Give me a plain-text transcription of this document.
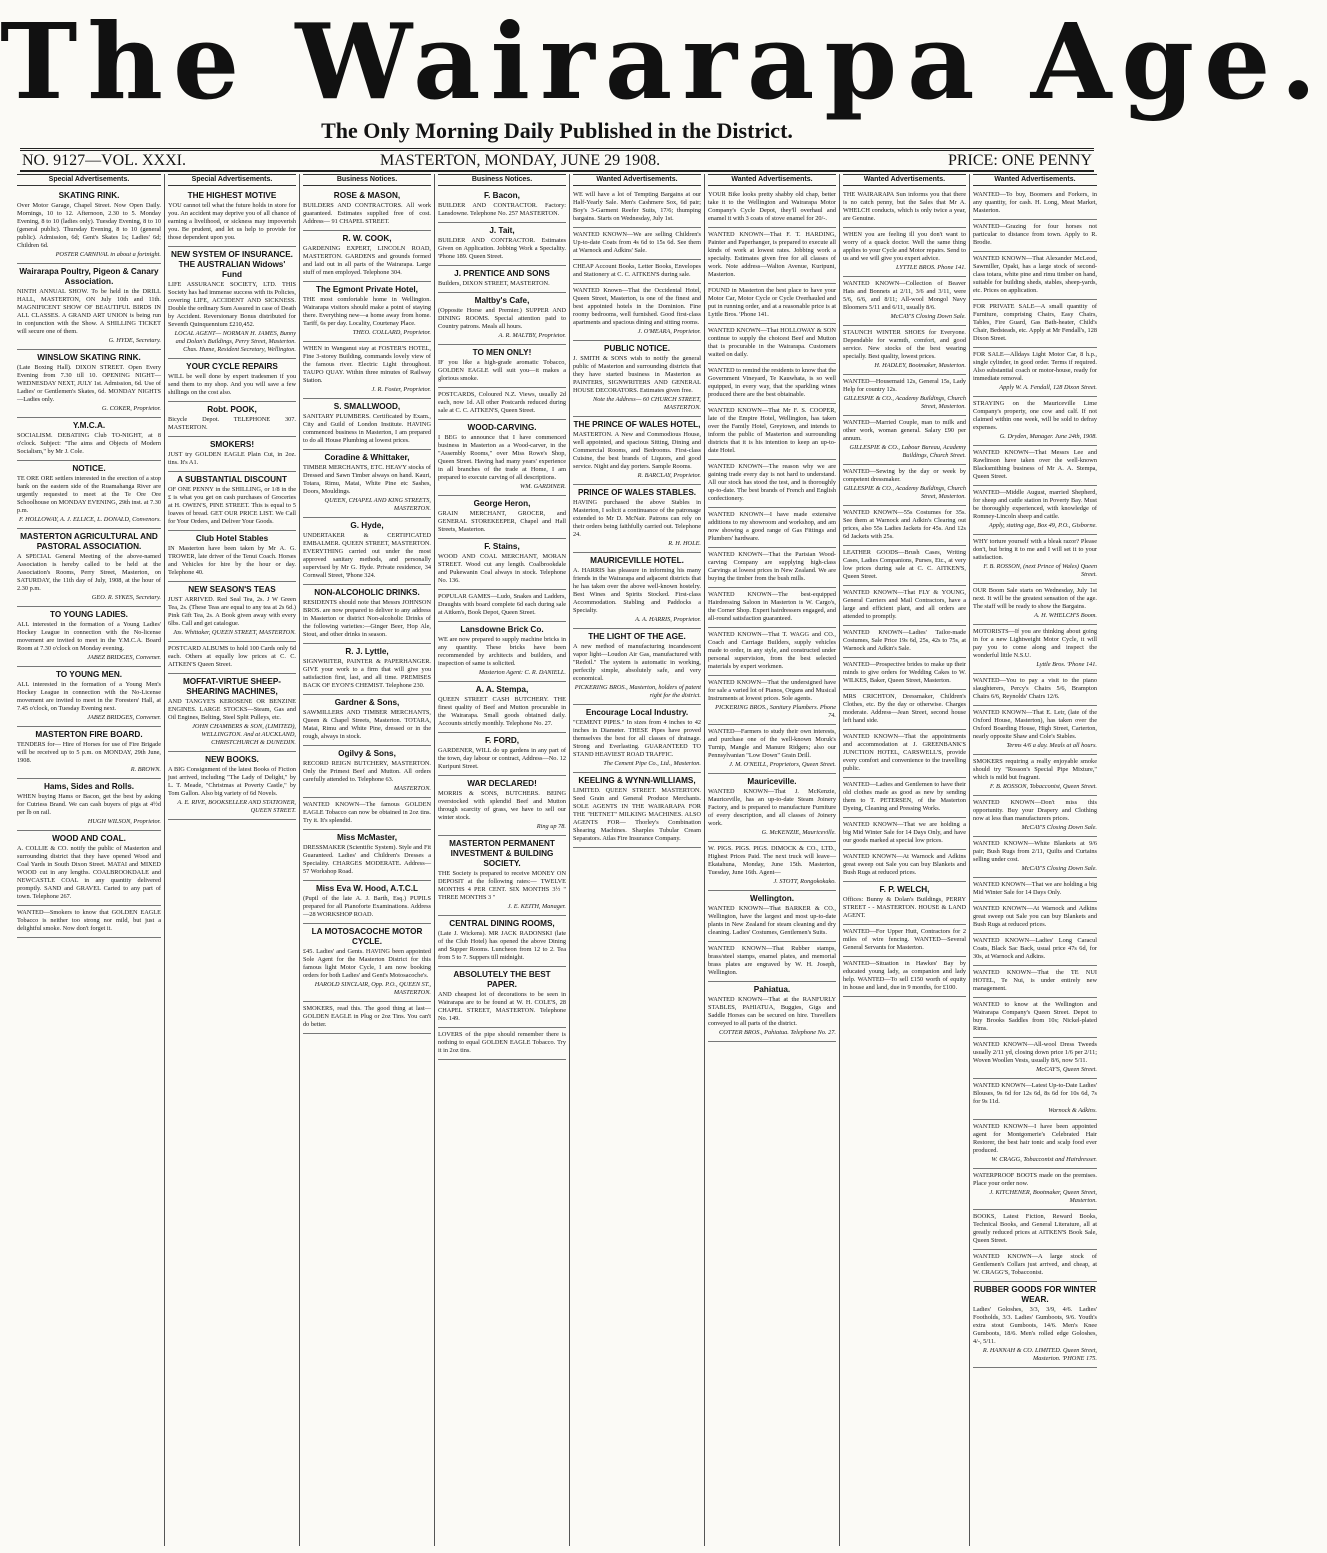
The Wairarapa Age.
The Only Morning Daily Published in the District.
NO. 9127—VOL. XXXI.	MASTERTON, MONDAY, JUNE 29 1908.	PRICE: ONE PENNY
Special Advertisements.
SKATING RINK.

Over Motor Garage, Chapel Street. Now Open Daily. Mornings, 10 to 12. Afternoon, 2.30 to 5. Monday Evening, 8 to 10 (ladies only). Tuesday Evening, 8 to 10 (general public). Thursday Evening, 8 to 10 (general public). Admission, 6d; Gent's Skates 1s; Ladies' 6d; Children 6d.

POSTER CARNIVAL in about a fortnight.

Wairarapa Poultry, Pigeon & Canary Association.

NINTH ANNUAL SHOW. To be held in the DRILL HALL, MASTERTON, ON July 10th and 11th. MAGNIFICENT SHOW OF BEAUTIFUL BIRDS IN ALL CLASSES. A GRAND ART UNION is being run in conjunction with the Show. A SHILLING TICKET will secure one of them.

G. HYDE, Secretary.

WINSLOW SKATING RINK.

(Late Boxing Hall). DIXON STREET. Open Every Evening from 7.30 till 10. OPENING NIGHT— WEDNESDAY NEXT, JULY 1st. Admission, 6d. Use of Ladies' or Gentlemen's Skates, 6d. MONDAY NIGHTS—Ladies only.

G. COKER, Proprietor.

Y.M.C.A.

SOCIALISM. DEBATING Club TO-NIGHT, at 8 o'clock. Subject: "The aims and Objects of Modern Socialism," by Mr J. Cole.

NOTICE.

TE ORE ORE settlers interested in the erection of a stop bank on the eastern side of the Ruamahanga River are urgently requested to meet at the Te Ore Ore Schoolhouse on MONDAY EVENING, 29th inst. at 7.30 p.m.

F. HOLLOWAY, A. J. ELLICE, L. DONALD, Convenors.

MASTERTON AGRICULTURAL AND PASTORAL ASSOCIATION.

A SPECIAL General Meeting of the above-named Association is hereby called to be held at the Association's Rooms, Perry Street, Masterton, on SATURDAY, the 11th day of July, 1908, at the hour of 2.30 p.m.

GEO. R. SYKES, Secretary.

TO YOUNG LADIES.

ALL interested in the formation of a Young Ladies' Hockey League in connection with the No-license movement are invited to meet in the Y.M.C.A. Board Room at 7.30 o'clock on Monday evening.

JABEZ BRIDGES, Convener.

TO YOUNG MEN.

ALL interested in the formation of a Young Men's Hockey League in connection with the No-License movement are invited to meet in the Foresters' Hall, at 7.45 o'clock, on Tuesday Evening next.

JABEZ BRIDGES, Convener.

MASTERTON FIRE BOARD.

TENDERS for— Hire of Horses for use of Fire Brigade will be received up to 5 p.m. on MONDAY, 29th June, 1908.

R. BROWN.

Hams, Sides and Rolls.

WHEN buying Hams or Bacon, get the best by asking for Cutriess Brand. We can cash buyers of pigs at 4½d per lb on rail.

HUGH WILSON, Proprietor.

WOOD AND COAL.

A. COLLIE & CO. notify the public of Masterton and surrounding district that they have opened Wood and Coal Yards in South Dixon Street. MATAI and MIXED WOOD cut in any lengths. COALBROOKDALE and NEWCASTLE COAL in any quantity delivered promptly. SAND and GRAVEL Carted to any part of town. Telephone 267.

WANTED—Smokers to know that GOLDEN EAGLE Tobacco is neither too strong nor mild, but just a delightful smoke. Now don't forget it.

Special Advertisements.
THE HIGHEST MOTIVE

YOU cannot tell what the future holds in store for you. An accident may deprive you of all chance of earning a livelihood, or sickness may impoverish you. Be prudent, and let us help to provide for those dependent upon you.

NEW SYSTEM OF INSURANCE. THE AUSTRALIAN Widows' Fund

LIFE ASSURANCE SOCIETY, LTD. THIS Society has had immense success with its Policies, covering LIFE, ACCIDENT AND SICKNESS. Double the ordinary Sum Assured in case of Death by Accident. Reversionary Bonus distributed for Seventh Quinquennium £210,452.

LOCAL AGENT— NORMAN H. JAMES, Bunny and Dolan's Buildings, Perry Street, Masterton. Chas. Hume, Resident Secretary, Wellington.

YOUR CYCLE REPAIRS

WILL be well done by expert tradesmen if you send them to my shop. And you will save a few shillings on the cost also.

Robt. POOK,

Bicycle Depot. TELEPHONE 307. MASTERTON.

SMOKERS!

JUST try GOLDEN EAGLE Plain Cut, in 2oz. tins. It's A1.

A SUBSTANTIAL DISCOUNT

OF ONE PENNY in the SHILLING, or 1/8 in the £ is what you get on cash purchases of Groceries at H. OWEN'S, PINE STREET. This is equal to 5 loaves of bread. GET OUR PRICE LIST. We Call for Your Orders, and Deliver Your Goods.

Club Hotel Stables

IN Masterton have been taken by Mr A. G. TROWER, late driver of the Tenui Coach. Horses and Vehicles for hire by the hour or day. Telephone 40.

NEW SEASON'S TEAS

JUST ARRIVED. Red Seal Tea, 2s. J W Green Tea, 2s. (These Teas are equal to any tea at 2s 6d.) Pink Gift Tea, 2s. A Book given away with every 6lbs. Call and get catalogue.

Jas. Whittaker, QUEEN STREET, MASTERTON.

POSTCARD ALBUMS to hold 100 Cards only 6d each. Others at equally low prices at C. C. AITKEN'S Queen Street.

MOFFAT-VIRTUE SHEEP-SHEARING MACHINES,

AND TANGYE'S KEROSENE OR BENZINE ENGINES. LARGE STOCKS—Steam, Gas and Oil Engines, Belting, Steel Split Pulleys, etc.

JOHN CHAMBERS & SON, (LIMITED), WELLINGTON. And at AUCKLAND, CHRISTCHURCH & DUNEDIN.

NEW BOOKS.

A BIG Consignment of the latest Books of Fiction just arrived, including "The Lady of Delight," by L. T. Meade, "Christmas at Poverty Castle," by Tom Gallon. Also big variety of 6d Novels.

A. E. RIVE, BOOKSELLER AND STATIONER, QUEEN STREET.

Business Notices.
ROSE & MASON,

BUILDERS AND CONTRACTORS. All work guaranteed. Estimates supplied free of cost. Address— 91 CHAPEL STREET.

R. W. COOK,

GARDENING EXPERT, LINCOLN ROAD, MASTERTON. GARDENS and grounds formed and laid out in all parts of the Wairarapa. Large stuff of men employed. Telephone 304.

The Egmont Private Hotel,

THE most comfortable home in Wellington. Wairarapa visitors should make a point of staying there. Everything new—a home away from home. Tariff, 6s per day. Locality, Courtenay Place.

THEO. COLLARD, Proprietor.

WHEN in Wanganui stay at FOSTER'S HOTEL, Fine 3-storey Building, commands lovely view of the famous river. Electric Light throughout. TAUPO QUAY. Within three minutes of Railway Station.

J. R. Foster, Proprietor.

S. SMALLWOOD,

SANITARY PLUMBERS. Certificated by Exam., City and Guild of London Institute. HAVING commenced business in Masterton, I am prepared to do all House Plumbing at lowest prices.

Coradine & Whittaker,

TIMBER MERCHANTS, ETC. HEAVY stocks of Dressed and Sawn Timber always on hand. Kauri, Totara, Rimu, Matai, White Pine etc Sashes, Doors, Mouldings.

QUEEN, CHAPEL AND KING STREETS, MASTERTON.

G. Hyde,

UNDERTAKER & CERTIFICATED EMBALMER. QUEEN STREET, MASTERTON. EVERYTHING carried out under the most approved sanitary methods, and personally supervised by Mr G. Hyde. Private residence, 34 Cornwall Street, 'Phone 324.

NON-ALCOHOLIC DRINKS.

RESIDENTS should note that Messrs JOHNSON BROS. are now prepared to deliver to any address in Masterton or district Non-alcoholic Drinks of the following varieties:—Ginger Beer, Hop Ale, Stout, and other drinks in season.

R. J. Lyttle,

SIGNWRITER, PAINTER & PAPERHANGER. GIVE your work to a firm that will give you satisfaction first, last, and all time. PREMISES BACK OF EYON'S CHEMIST. Telephone 230.

Gardner & Sons,

SAWMILLERS AND TIMBER MERCHANTS, Queen & Chapel Streets, Masterton. TOTARA, Matai, Rimu and White Pine, dressed or in the rough, always in stock.

Ogilvy & Sons,

RECORD REIGN BUTCHERY, MASTERTON. Only the Primest Beef and Mutton. All orders carefully attended to. Telephone 63.

MASTERTON.

WANTED KNOWN—The famous GOLDEN EAGLE Tobacco can now be obtained in 2oz tins. Try it. It's splendid.

Miss McMaster,

DRESSMAKER (Scientific System). Style and Fit Guaranteed. Ladies' and Children's Dresses a Speciality. CHARGES MODERATE. Address—57 Workshop Road.

Miss Eva W. Hood, A.T.C.L

(Pupil of the late A. J. Barth, Esq.) PUPILS prepared for all Pianoforte Examinations. Address—28 WORKSHOP ROAD.

LA MOTOSACOCHE MOTOR CYCLE.

£45. Ladies' and Gents. HAVING been appointed Sole Agent for the Masterton District for this famous light Motor Cycle, I am now booking orders for both Ladies' and Gent's Motosacoche's.

HAROLD SINCLAIR, Opp. P.O., QUEEN ST., MASTERTON.

SMOKERS, read this. The good thing at last—GOLDEN EAGLE in Plug or 2oz Tins. You can't do better.

Business Notices.
F. Bacon,

BUILDER AND CONTRACTOR. Factory: Lansdowne. Telephone No. 257 MASTERTON.

J. Tait,

BUILDER AND CONTRACTOR. Estimates Given on Application. Jobbing Work a Speciality. 'Phone 189. Queen Street.

J. PRENTICE AND SONS

Builders, DIXON STREET, MASTERTON.

Maltby's Cafe,

(Opposite Horse and Premier.) SUPPER AND DINING ROOMS. Special attention paid to Country patrons. Meals all hours.

A. R. MALTBY, Proprietor.

TO MEN ONLY!

IF you like a high-grade aromatic Tobacco, GOLDEN EAGLE will suit you—it makes a glorious smoke.

POSTCARDS, Coloured N.Z. Views, usually 2d each, now 1d. All other Postcards reduced during sale at C. C. AITKEN'S, Queen Street.

WOOD-CARVING.

I BEG to announce that I have commenced business in Masterton as a Wood-carver, in the "Assembly Rooms," over Miss Rowe's Shop, Queen Street. Having had many years' experience in all branches of the trade at Home, I am prepared to execute carving of all descriptions.

WM. GARDINER.

George Heron,

GRAIN MERCHANT, GROCER, and GENERAL STOREKEEPER, Chapel and Hall Streets, Masterton.

F. Stains,

WOOD AND COAL MERCHANT, MORAN STREET. Wood cut any length. Coalbrookdale and Pukewanin Coal always in stock. Telephone No. 136.

POPULAR GAMES—Ludo, Snakes and Ladders, Draughts with board complete 6d each during sale at Aitken's, Book Depot, Queen Street.

Lansdowne Brick Co.

WE are now prepared to supply machine bricks in any quantity. These bricks have been recommended by architects and builders, and inspection of same is solicited.

Masterton Agent: C. R. DANIELL.

A. A. Stempa,

QUEEN STREET CASH BUTCHERY. THE finest quality of Beef and Mutton procurable in the Wairarapa. Small goods obtained daily. Accounts strictly monthly. Telephone No. 27.

F. FORD,

GARDENER, WILL do up gardens in any part of the town, day labour or contract, Address—No. 12 Kuripuni Street.

WAR DECLARED!

MORRIS & SONS, BUTCHERS. BEING overstocked with splendid Beef and Mutton through scarcity of grass, we have to sell our winter stock.

Ring up 78.

MASTERTON PERMANENT INVESTMENT & BUILDING SOCIETY.

THE Society is prepared to receive MONEY ON DEPOSIT at the following rates:— TWELVE MONTHS 4 PER CENT. SIX MONTHS 3½ " THREE MONTHS 3 "

J. E. KEITH, Manager.

CENTRAL DINING ROOMS,

(Late J. Wickens). MR JACK RADONSKI (late of the Club Hotel) has opened the above Dining and Supper Rooms. Luncheon from 12 to 2. Tea from 5 to 7. Suppers till midnight.

ABSOLUTELY THE BEST PAPER.

AND cheapest lot of decorations to be seen in Wairarapa are to be found at W. H. COLE'S, 28 CHAPEL STREET, MASTERTON. Telephone No. 149.

LOVERS of the pipe should remember there is nothing to equal GOLDEN EAGLE Tobacco. Try it in 2oz tins.

Wanted Advertisements.

WE will have a lot of Tempting Bargains at our Half-Yearly Sale. Men's Cashmere Sox, 6d pair; Boy's 3-Garment Reefer Suits, 17/6; thumping bargains. Starts on Wednesday, July 1st.

WANTED KNOWN—We are selling Children's Up-to-date Coats from 4s 6d to 15s 6d. See them at Warnock and Adkins' Sale.

CHEAP Account Books, Letter Books, Envelopes and Stationery at C. C. AITKEN'S during sale.

WANTED Known—That the Occidental Hotel, Queen Street, Masterton, is one of the finest and best appointed hotels in the Dominion. Fine roomy bedrooms, well furnished. Good first-class apartments and spacious dining and sitting rooms.

J. O'MEARA, Proprietor.

PUBLIC NOTICE.

J. SMITH & SONS wish to notify the general public of Masterton and surrounding districts that they have started business in Masterton as PAINTERS, SIGNWRITERS AND GENERAL HOUSE DECORATORS. Estimates given free.

Note the Address— 60 CHURCH STREET, MASTERTON.

THE PRINCE OF WALES HOTEL,

MASTERTON. A New and Commodious House, well appointed, and spacious Sitting, Dining and Commercial Rooms, and Bedrooms. First-class Cuisine, the best brands of Liquors, and good service. Night and day porters. Sample Rooms.

R. BARCLAY, Proprietor.

PRINCE OF WALES STABLES.

HAVING purchased the above Stables in Masterton, I solicit a continuance of the patronage extended to Mr D. McNair. Patrons can rely on their orders being faithfully carried out. Telephone 24.

R. H. HOLE.

MAURICEVILLE HOTEL.

A. HARRIS has pleasure in informing his many friends in the Wairarapa and adjacent districts that he has taken over the above well-known hostelry. Best Wines and Spirits Stocked. First-class Accommodation. Stabling and Paddocks a Specialty.

A. A. HARRIS, Proprietor.

THE LIGHT OF THE AGE.

A new method of manufacturing incandescent vapor light—Loudon Air Gas, manufactured with "Redoil." The system is automatic in working, perfectly simple, absolutely safe, and very economical.

PICKERING BROS., Masterton, holders of patent right for the district.

Encourage Local Industry.

"CEMENT PIPES." In sizes from 4 inches to 42 inches in Diameter. THESE Pipes have proved themselves the best for all classes of drainage. Strong and Everlasting. GUARANTEED TO STAND HEAVIEST ROAD TRAFFIC.

The Cement Pipe Co., Ltd., Masterton.

KEELING & WYNN-WILLIAMS,

LIMITED. QUEEN STREET. MASTERTON. Seed Grain and General Produce Merchants. SOLE AGENTS IN THE WAIRARAPA FOR THE "HETNET" MILKING MACHINES. ALSO AGENTS FOR— Thorley's Combination Shearing Machines. Sharples Tubular Cream Separators. Atlas Fire Insurance Company.

Wanted Advertisements.

YOUR Bike looks pretty shabby old chap, better take it to the Wellington and Wairarapa Motor Company's Cycle Depot, they'll overhaul and enamel it with 3 coats of stove enamel for 20/-.

WANTED KNOWN—That F. T. HARDING, Painter and Paperhanger, is prepared to execute all kinds of work at lowest rates. Jobbing work a specialty. Estimates given free for all classes of work. Note address—Walton Avenue, Kuripuni, Masterton.

FOUND in Masterton the best place to have your Motor Car, Motor Cycle or Cycle Overhauled and put in running order, and at a reasonable price is at Lyttle Bros. 'Phone 141.

WANTED KNOWN—That HOLLOWAY & SON continue to supply the choicest Beef and Mutton that is procurable in the Wairarapa. Customers waited on daily.

WANTED to remind the residents to know that the Government Vineyard, Te Kauwhata, is so well equipped, in every way, that the sparkling wines produced there are the best obtainable.

WANTED KNOWN—That Mr F. S. COOPER, late of the Empire Hotel, Wellington, has taken over the Family Hotel, Greytown, and intends to inform the public of Masterton and surrounding districts that it is his intention to keep an up-to-date Hotel.

WANTED KNOWN—The reason why we are gaining trade every day is not hard to understand. All our stock has stood the test, and is thoroughly up-to-date. The best brands of French and English confectionery.

WANTED KNOWN—I have made extensive additions to my showroom and workshop, and am now showing a good range of Gas Fittings and Plumbers' hardware.

WANTED KNOWN—That the Parisian Wood-carving Company are supplying high-class Carvings at lowest prices in New Zealand. We are buying the timber from the bush mills.

WANTED KNOWN—The best-equipped Hairdressing Saloon in Masterton is W. Cargo's, the Corner Shop. Expert hairdressers engaged, and all-round satisfaction guaranteed.

WANTED KNOWN—That T. WAGG and CO., Coach and Carriage Builders, supply vehicles made to order, in any style, and constructed under personal supervision, from the best selected materials by expert workmen.

WANTED KNOWN—That the undersigned have for sale a varied lot of Pianos, Organs and Musical Instruments at lowest prices. Sole agents.

PICKERING BROS., Sanitary Plumbers. Phone 74.

WANTED—Farmers to study their own interests, and purchase one of the well-known Moruk's Turnip, Mangle and Manure Ridgers; also our Pennsylvanian "Low Down" Grain Drill.

J. M. O'NEILL, Proprietors, Queen Street.

Mauriceville.

WANTED KNOWN—That J. McKenzie, Mauriceville, has an up-to-date Steam Joinery Factory, and is prepared to manufacture Furniture of every description, and all classes of Joinery work.

G. McKENZIE, Mauriceville.

W. PIGS. PIGS. PIGS. DIMOCK & CO., LTD., Highest Prices Paid. The next truck will leave— Ekatahuna, Monday, June 15th. Masterton, Tuesday, June 16th. Agent—

J. STOTT, Rongokokako.

Wellington.

WANTED KNOWN—That BARKER & CO., Wellington, have the largest and most up-to-date plants in New Zealand for steam cleaning and dry cleaning. Ladies' Costumes, Gentlemen's Suits.

WANTED KNOWN—That Rubber stamps, brass/steel stamps, enamel plates, and memorial brass plates are engraved by W. H. Joseph, Wellington.

Pahiatua.

WANTED KNOWN—That at the RANFURLY STABLES, PAHIATUA, Buggies, Gigs and Saddle Horses can be secured on hire. Travellers conveyed to all parts of the district.

COTTER BROS., Pahiatua. Telephone No. 27.

Wanted Advertisements.

THE WAIRARAPA Sun informs you that there is no catch penny, but the Sales that Mr A. WHELCH conducts, which is only twice a year, are Genuine.

WHEN you are feeling ill you don't want to worry of a quack doctor. Well the same thing applies to your Cycle and Motor repairs. Send to us and we will give you expert advice.

LYTTLE BROS. Phone 141.

WANTED KNOWN—Collection of Beaver Hats and Bonnets at 2/11, 3/6 and 3/11, were 5/6, 6/6, and 8/11; All-wool Mongol Navy Bloomers 5/11 and 6/11, usually 8/6.

McCAY'S Closing Down Sale.

STAUNCH WINTER SHOES for Everyone. Dependable for warmth, comfort, and good service. New stocks of the best wearing specially. Best quality, lowest prices.

H. HADLEY, Bootmaker, Masterton.

WANTED—Housemaid 12s, General 15s, Lady Help for country 12s.

GILLESPIE & CO., Academy Buildings, Church Street, Masterton.

WANTED—Married Couple, man to milk and other work, woman general. Salary £90 per annum.

GILLESPIE & CO., Labour Bureau, Academy Buildings, Church Street.

WANTED—Sewing by the day or week by competent dressmaker.

GILLESPIE & CO., Academy Buildings, Church Street, Masterton.

WANTED KNOWN—55s Costumes for 35s. See them at Warnock and Adkin's Clearing out prices, also 55s Ladies Jackets for 45s. And 12s 6d Jackets with 25s.

LEATHER GOODS—Brush Cases, Writing Cases, Ladies Companions, Purses, Etc., at very low prices during sale at C. C. AITKEN'S, Queen Street.

WANTED KNOWN—That FLY & YOUNG, General Carriers and Mail Contractors, have a large and efficient plant, and all orders are attended to promptly.

WANTED KNOWN—Ladies' Tailor-made Costumes, Sale Price 19s 6d, 25s, 42s to 75s, at Warnock and Adkin's Sale.

WANTED—Prospective brides to make up their minds to give orders for Wedding Cakes to W. WILKES, Baker, Queen Street, Masterton.

MRS CRICHTON, Dressmaker, Children's Clothes, etc. By the day or otherwise. Charges moderate. Address—Jean Street, second house left hand side.

WANTED KNOWN—That the appointments and accommodation at J. GREENBANK'S JUNCTION HOTEL, CARSWELL'S, provide every comfort and convenience to the travelling public.

WANTED—Ladies and Gentlemen to have their old clothes made as good as new by sending them to T. PETERSEN, of the Masterton Dyeing, Cleaning and Pressing Works.

WANTED KNOWN—That we are holding a big Mid Winter Sale for 14 Days Only, and have our goods marked at special low prices.

WANTED KNOWN—At Warnock and Adkins great sweep out Sale you can buy Blankets and Bush Rugs at reduced prices.

F. P. WELCH,

Offices: Bunny & Dolan's Buildings, PERRY STREET - - MASTERTON. HOUSE & LAND AGENT.

WANTED—For Upper Hutt, Contractors for 2 miles of wire fencing. WANTED—Several General Servants for Masterton.

WANTED—Situation in Hawkes' Bay by educated young lady, as companion and lady help. WANTED—To sell £150 worth of equity in house and land, due in 9 months, for £100.

Wanted Advertisements.

WANTED—To buy, Boomers and Forkers, in any quantity, for cash. H. Long, Meat Market, Masterton.

WANTED—Grazing for four horses not particular to distance from town. Apply to R. Brodie.

WANTED KNOWN—That Alexander McLeod, Sawmiller, Opaki, has a large stock of second-class totara, white pine and rimu timber on hand, suitable for building sheds, stables, sheep-yards, etc. Prices on application.

FOR PRIVATE SALE—A small quantity of Furniture, comprising Chairs, Easy Chairs, Tables, Fire Guard, Gas Bath-heater, Child's Chair, Bedsteads, etc. Apply at Mr Fendall's, 128 Dixon Street.

FOR SALE—Alldays Light Motor Car, 8 h.p., single cylinder, in good order. Terms if required. Also substantial coach or motor-house, ready for immediate removal.

Apply W. A. Fendall, 128 Dixon Street.

STRAYING on the Mauriceville Lime Company's property, one cow and calf. If not claimed within one week, will be sold to defray expenses.

G. Dryden, Manager. June 24th, 1908.

WANTED KNOWN—That Messrs Lee and Rawlinson have taken over the well-known Blacksmithing business of Mr A. A. Stempa, Queen Street.

WANTED—Middle August, married Shepherd, for sheep and cattle station in Poverty Bay. Must be thoroughly experienced, with knowledge of Romney-Lincoln sheep and cattle.

Apply, stating age, Box 49, P.O., Gisborne.

WHY torture yourself with a bleak razor? Please don't, but bring it to me and I will set it to your satisfaction.

F. B. ROSSON, (next Prince of Wales) Queen Street.

OUR Boom Sale starts on Wednesday, July 1st next. It will be the greatest sensation of the age. The staff will be ready to show the Bargains.

A. H. WHELCH'S Boom.

MOTORISTS—If you are thinking about going in for a new Lightweight Motor Cycle, it will pay you to come along and inspect the wonderful little N.S.U.

Lyttle Bros. 'Phone 141.

WANTED—You to pay a visit to the piano slaughterers, Percy's Chairs 5/6, Brampton Chairs 6/6, Reynolds' Chairs 12/6.

WANTED KNOWN—That E. Leir, (late of the Oxford House, Masterton), has taken over the Oxford Boarding House, High Street, Carterton, nearly opposite Shaw and Cole's Stables.

Terms 4/6 a day. Meals at all hours.

SMOKERS requiring a really enjoyable smoke should try "Rosson's Special Pipe Mixture," which is mild but fragrant.

F. B. ROSSON, Tobacconist, Queen Street.

WANTED KNOWN—Don't miss this opportunity. Buy your Drapery and Clothing now at less than manufacturers prices.

McCAY'S Closing Down Sale.

WANTED KNOWN—White Blankets at 9/6 pair; Bush Rugs from 2/11, Quilts and Curtains selling under cost.

McCAY'S Closing Down Sale.

WANTED KNOWN—That we are holding a big Mid Winter Sale for 14 Days Only.

WANTED KNOWN—At Warnock and Adkins great sweep out Sale you can buy Blankets and Bush Rugs at reduced prices.

WANTED KNOWN—Ladies' Long Caracul Coats, Black Sac Back, usual price 47s 6d, for 30s, at Warnock and Adkins.

WANTED KNOWN—That the TE NUI HOTEL, Te Nui, is under entirely new management.

WANTED to know at the Wellington and Wairarapa Company's Queen Street. Depot to buy Brooks Saddles from 10s; Nickel-plated Rims.

WANTED KNOWN—All-wool Dress Tweeds usually 2/11 yd, closing down price 1/6 per 2/11; Woven Woollen Vests, usually 8/6, now 5/11.

McCAY'S, Queen Street.

WANTED KNOWN—Latest Up-to-Date Ladies' Blouses, 9s 6d for 12s 6d, 8s 6d for 10s 6d, 7s for 9s 11d.

Warnock & Adkins.

WANTED KNOWN—I have been appointed agent for Montgomerie's Celebrated Hair Restorer, the best hair tonic and scalp food ever produced.

W. CRAGG, Tobacconist and Hairdresser.

WATERPROOF BOOTS made on the premises. Place your order now.

J. KITCHENER, Bootmaker, Queen Street, Masterton.

BOOKS, Latest Fiction, Reward Books, Technical Books, and General Literature, all at greatly reduced prices at AITKEN'S Book Sale, Queen Street.

WANTED KNOWN—A large stock of Gentlemen's Collars just arrived, and cheap, at W. CRAGG'S, Tobacconist.

RUBBER GOODS FOR WINTER WEAR.

Ladies' Goloshes, 3/3, 3/9, 4/6. Ladies' Footholds, 3/3. Ladies' Gumboots, 9/6. Youth's extra stout Gumboots, 14/6. Men's Knee Gumboots, 18/6. Men's rolled edge Goloshes, 4/-, 5/11.

R. HANNAH & CO. LIMITED. Queen Street, Masterton. 'PHONE 175.
